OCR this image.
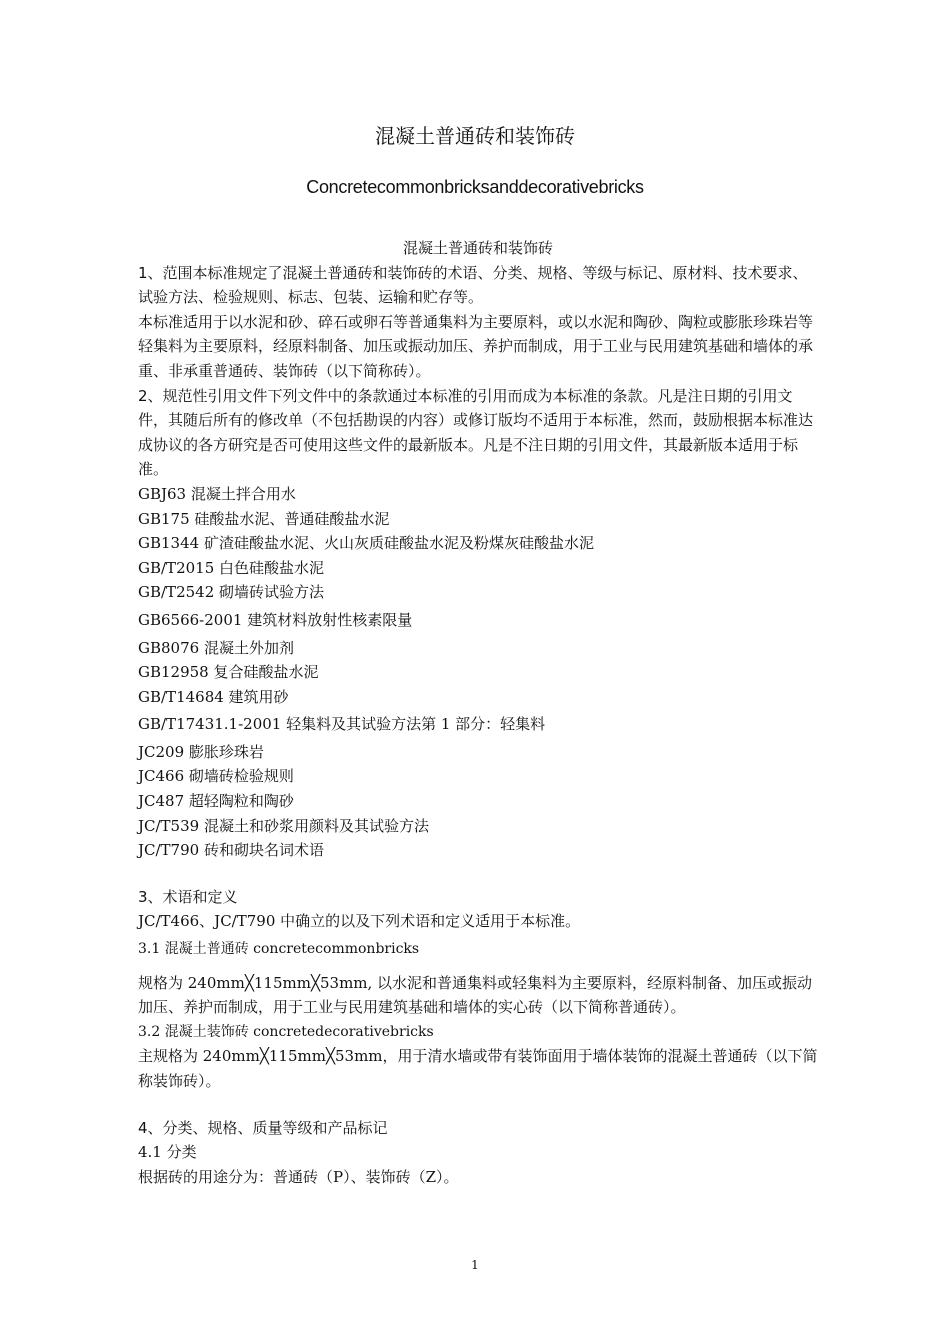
混凝土普通砖和装饰砖
Concretecommonbricksanddecorativebricks

混凝土普通砖和装饰砖

1、范围本标准规定了混凝土普通砖和装饰砖的术语、分类、规格、等级与标记、原材料、技术要求、试验方法、检验规则、标志、包装、运输和贮存等。

本标准适用于以水泥和砂、碎石或卵石等普通集料为主要原料，或以水泥和陶砂、陶粒或膨胀珍珠岩等轻集料为主要原料，经原料制备、加压或振动加压、养护而制成，用于工业与民用建筑基础和墙体的承重、非承重普通砖、装饰砖（以下简称砖）。

2、规范性引用文件下列文件中的条款通过本标准的引用而成为本标准的条款。凡是注日期的引用文件，其随后所有的修改单（不包括勘误的内容）或修订版均不适用于本标准，然而，鼓励根据本标准达成协议的各方研究是否可使用这些文件的最新版本。凡是不注日期的引用文件，其最新版本适用于标准。

GBJ63 混凝土拌合用水

GB175 硅酸盐水泥、普通硅酸盐水泥

GB1344 矿渣硅酸盐水泥、火山灰质硅酸盐水泥及粉煤灰硅酸盐水泥

GB/T2015 白色硅酸盐水泥

GB/T2542 砌墙砖试验方法

GB6566-2001 建筑材料放射性核素限量

GB8076 混凝土外加剂

GB12958 复合硅酸盐水泥

GB/T14684 建筑用砂

GB/T17431.1-2001 轻集料及其试验方法第 1 部分：轻集料

JC209 膨胀珍珠岩

JC466 砌墙砖检验规则

JC487 超轻陶粒和陶砂

JC/T539 混凝土和砂浆用颜料及其试验方法

JC/T790 砖和砌块名词术语

3、术语和定义

JC/T466、JC/T790 中确立的以及下列术语和定义适用于本标准。

3.1 混凝土普通砖 concretecommonbricks

规格为 240mm╳115mm╳53mm, 以水泥和普通集料或轻集料为主要原料，经原料制备、加压或振动加压、养护而制成，用于工业与民用建筑基础和墙体的实心砖（以下简称普通砖）。

3.2 混凝土装饰砖 concretedecorativebricks

主规格为 240mm╳115mm╳53mm，用于清水墙或带有装饰面用于墙体装饰的混凝土普通砖（以下简称装饰砖）。

4、分类、规格、质量等级和产品标记

4.1 分类

根据砖的用途分为：普通砖（P）、装饰砖（Z）。

1
